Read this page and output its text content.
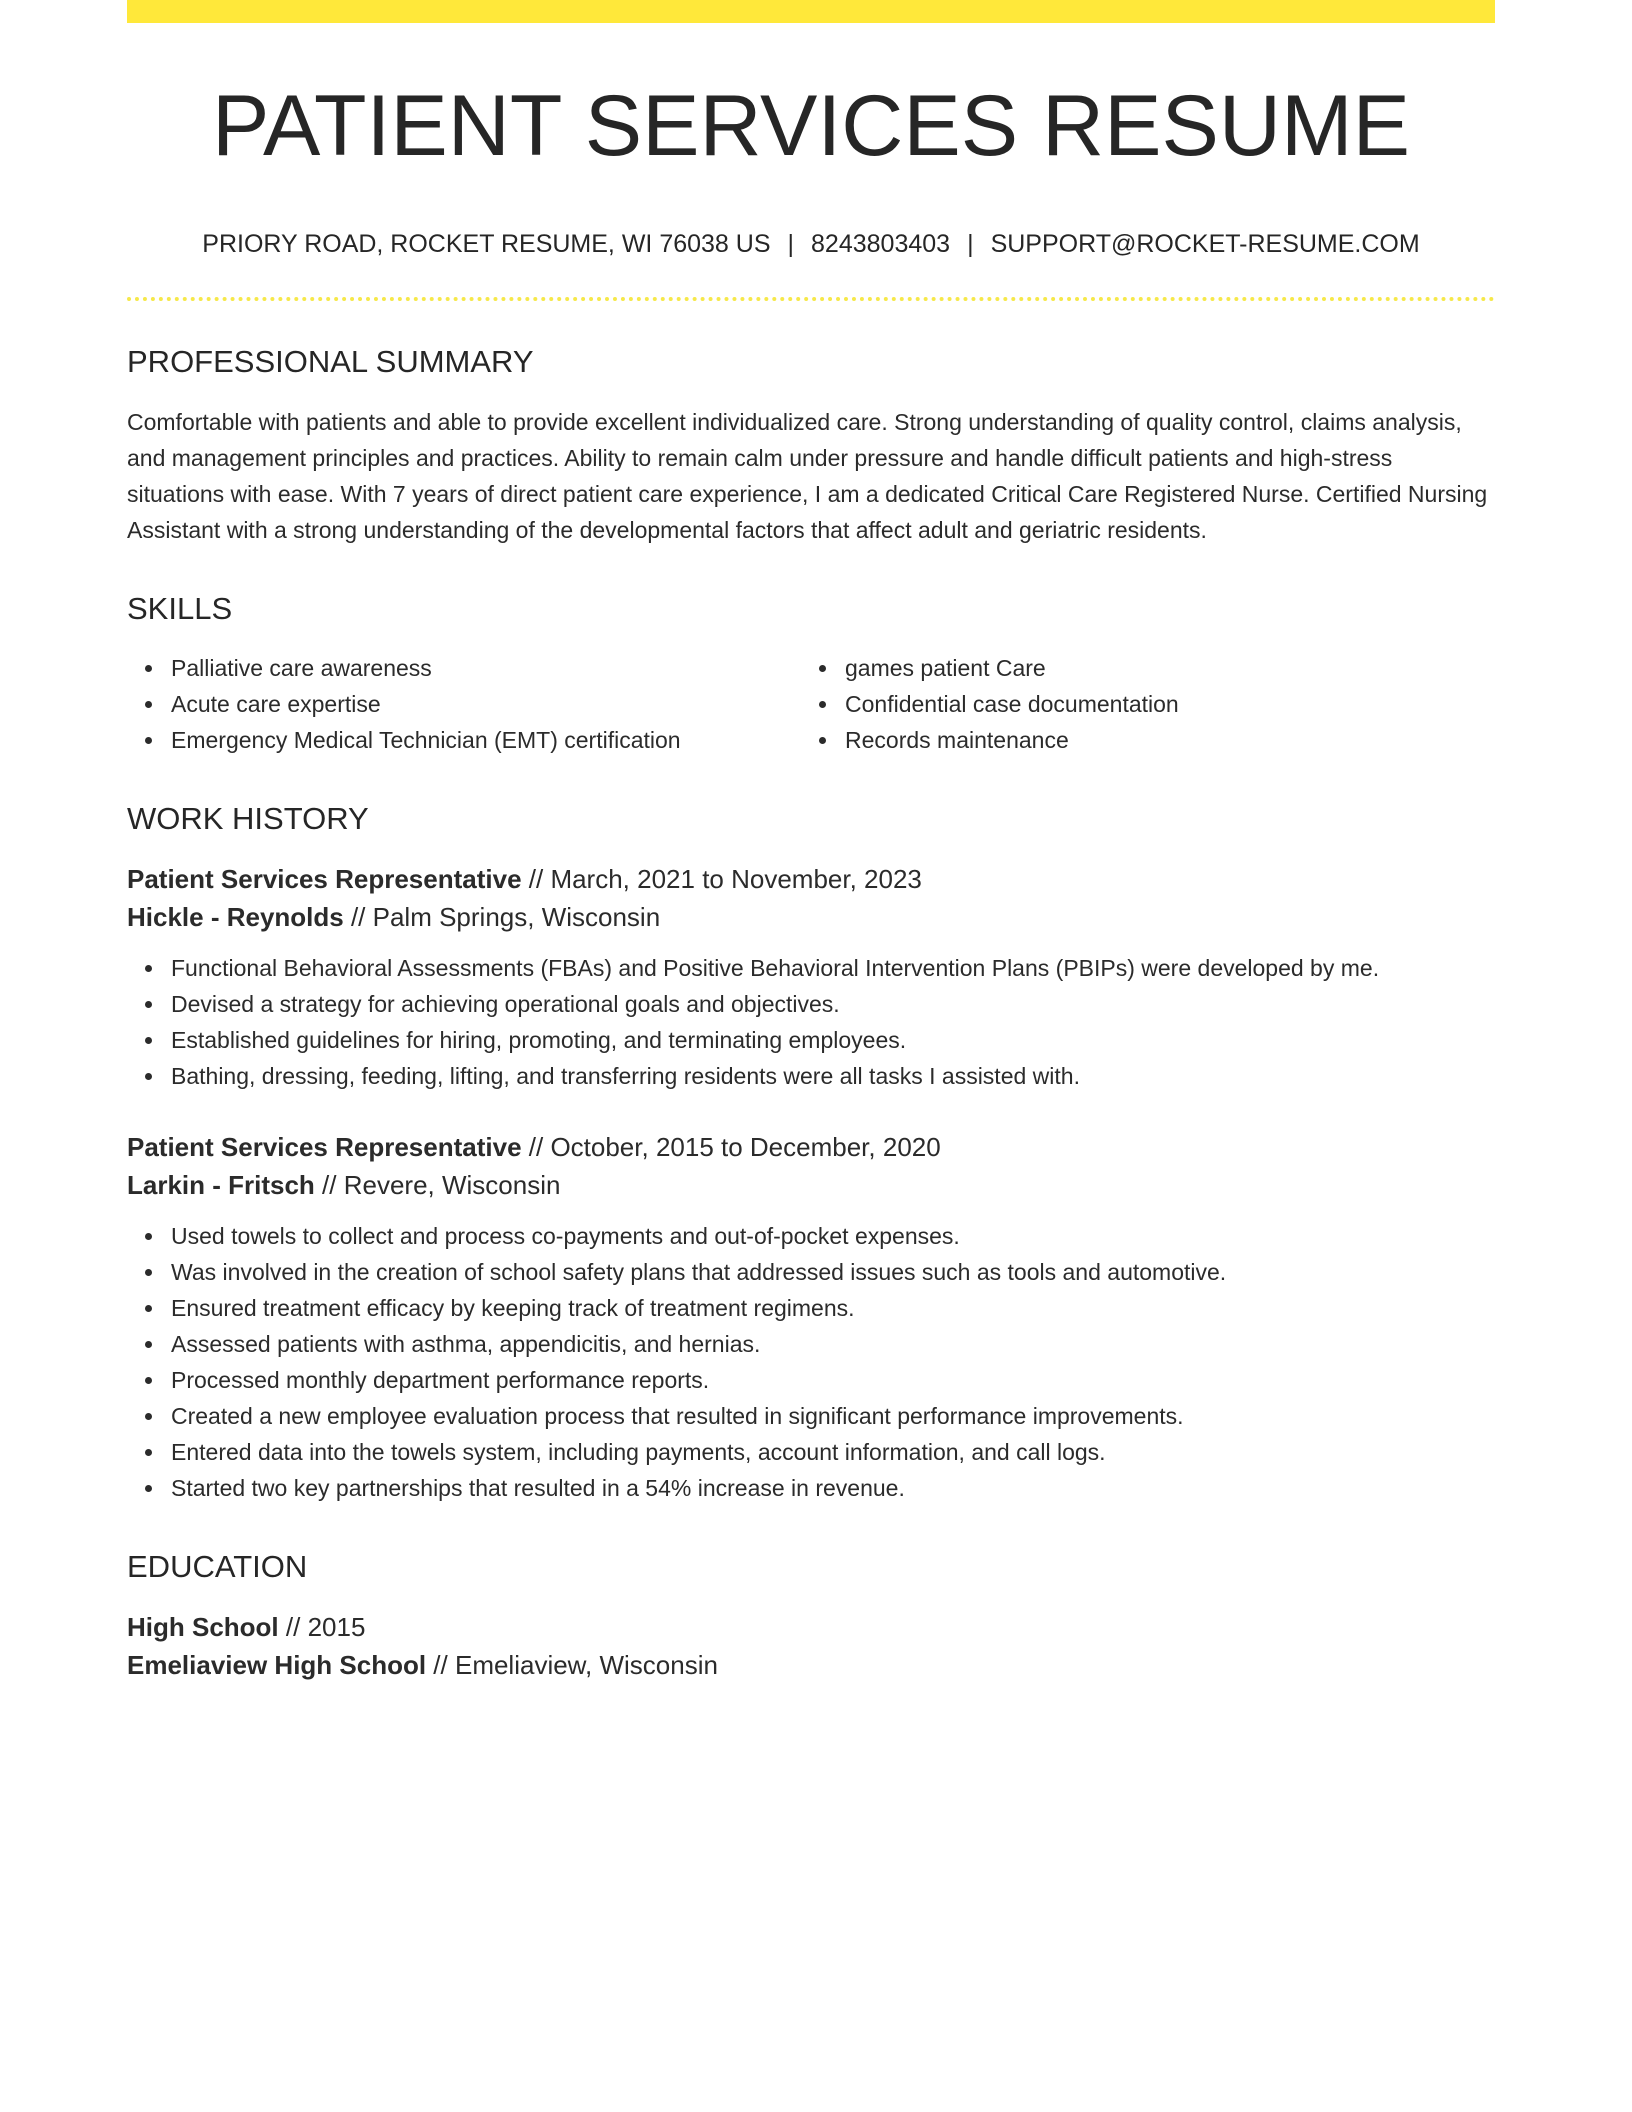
PATIENT SERVICES RESUME
PRIORY ROAD, ROCKET RESUME, WI 76038 US | 8243803403 | SUPPORT@ROCKET-RESUME.COM
PROFESSIONAL SUMMARY

Comfortable with patients and able to provide excellent individualized care. Strong understanding of quality control, claims analysis, and management principles and practices. Ability to remain calm under pressure and handle difficult patients and high-stress situations with ease. With 7 years of direct patient care experience, I am a dedicated Critical Care Registered Nurse. Certified Nursing Assistant with a strong understanding of the developmental factors that affect adult and geriatric residents.

SKILLS
Palliative care awareness
Acute care expertise
Emergency Medical Technician (EMT) certification
games patient Care
Confidential case documentation
Records maintenance
WORK HISTORY
Patient Services Representative // March, 2021 to November, 2023
Hickle - Reynolds // Palm Springs, Wisconsin
Functional Behavioral Assessments (FBAs) and Positive Behavioral Intervention Plans (PBIPs) were developed by me.
Devised a strategy for achieving operational goals and objectives.
Established guidelines for hiring, promoting, and terminating employees.
Bathing, dressing, feeding, lifting, and transferring residents were all tasks I assisted with.
Patient Services Representative // October, 2015 to December, 2020
Larkin - Fritsch // Revere, Wisconsin
Used towels to collect and process co-payments and out-of-pocket expenses.
Was involved in the creation of school safety plans that addressed issues such as tools and automotive.
Ensured treatment efficacy by keeping track of treatment regimens.
Assessed patients with asthma, appendicitis, and hernias.
Processed monthly department performance reports.
Created a new employee evaluation process that resulted in significant performance improvements.
Entered data into the towels system, including payments, account information, and call logs.
Started two key partnerships that resulted in a 54% increase in revenue.
EDUCATION
High School // 2015
Emeliaview High School // Emeliaview, Wisconsin
